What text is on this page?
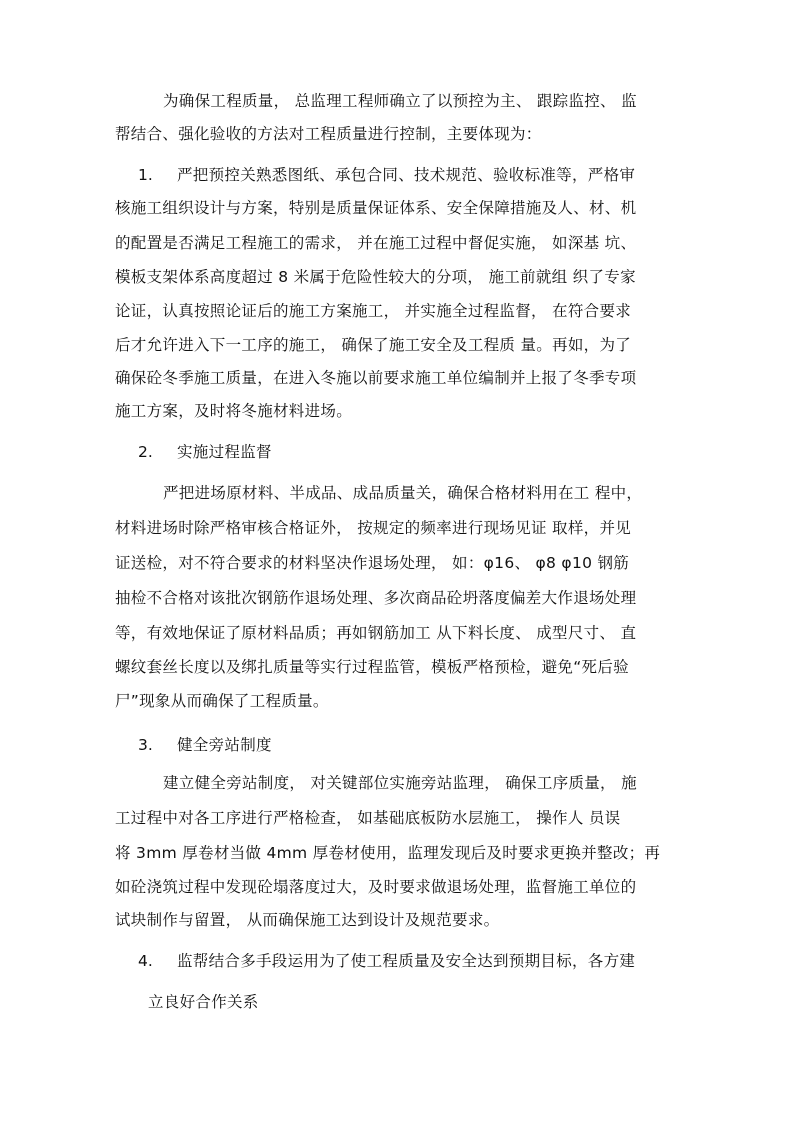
为确保工程质量， 总监理工程师确立了以预控为主、 跟踪监控、 监
帮结合、强化验收的方法对工程质量进行控制，主要体现为：
1. 严把预控关熟悉图纸、承包合同、技术规范、验收标准等，严格审
核施工组织设计与方案，特别是质量保证体系、安全保障措施及人、材、机
的配置是否满足工程施工的需求， 并在施工过程中督促实施， 如深基 坑、
模板支架体系高度超过 8 米属于危险性较大的分项， 施工前就组 织了专家
论证，认真按照论证后的施工方案施工， 并实施全过程监督， 在符合要求
后才允许进入下一工序的施工， 确保了施工安全及工程质 量。再如，为了
确保砼冬季施工质量，在进入冬施以前要求施工单位编制并上报了冬季专项
施工方案，及时将冬施材料进场。
2. 实施过程监督
严把进场原材料、半成品、成品质量关，确保合格材料用在工 程中，
材料进场时除严格审核合格证外， 按规定的频率进行现场见证 取样，并见
证送检，对不符合要求的材料坚决作退场处理， 如：φ16、 φ8 φ10 钢筋
抽检不合格对该批次钢筋作退场处理、多次商品砼坍落度偏差大作退场处理
等，有效地保证了原材料品质；再如钢筋加工 从下料长度、 成型尺寸、 直
螺纹套丝长度以及绑扎质量等实行过程监管，模板严格预检，避免“死后验
尸”现象从而确保了工程质量。
3. 健全旁站制度
建立健全旁站制度， 对关键部位实施旁站监理， 确保工序质量， 施
工过程中对各工序进行严格检查， 如基础底板防水层施工， 操作人 员误
将 3mm 厚卷材当做 4mm 厚卷材使用，监理发现后及时要求更换并整改；再
如砼浇筑过程中发现砼塌落度过大，及时要求做退场处理，监督施工单位的
试块制作与留置， 从而确保施工达到设计及规范要求。
4. 监帮结合多手段运用为了使工程质量及安全达到预期目标，各方建
立良好合作关系
